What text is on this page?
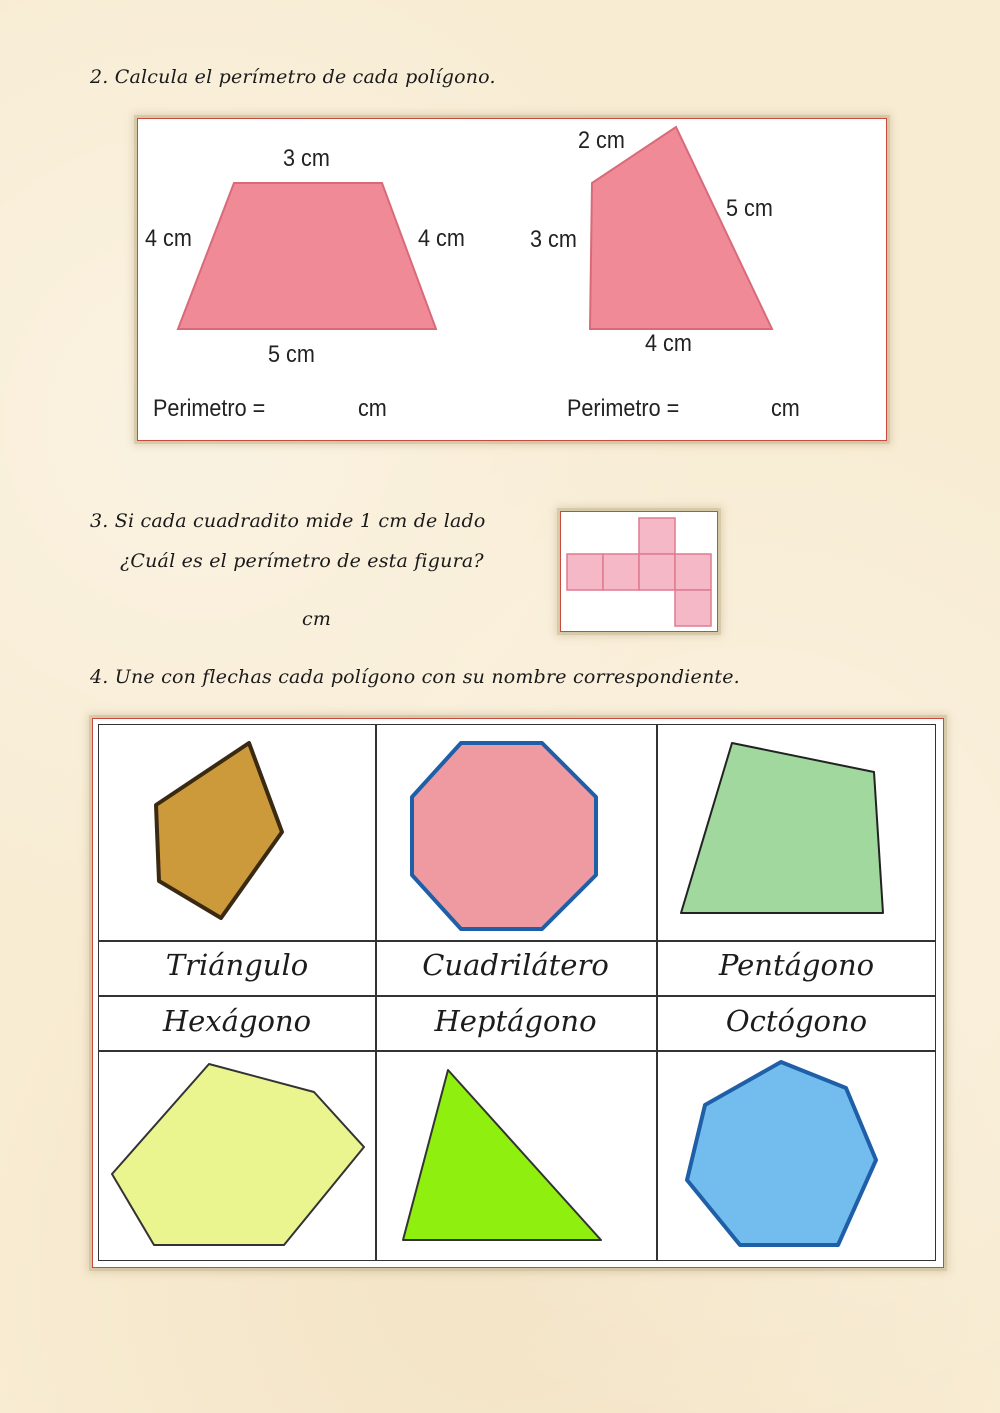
2. Calcula el perímetro de cada polígono.
3 cm
4 cm	4 cm
5 cm
2 cm
3 cm
5 cm
4 cm
Perimetro =	cm	Perimetro =	cm
3. Si cada cuadradito mide 1 cm de lado
¿Cuál es el perímetro de esta figura?
cm
4. Une con flechas cada polígono con su nombre correspondiente.
Triángulo	Cuadrilátero	Pentágono
Hexágono	Heptágono	Octógono
